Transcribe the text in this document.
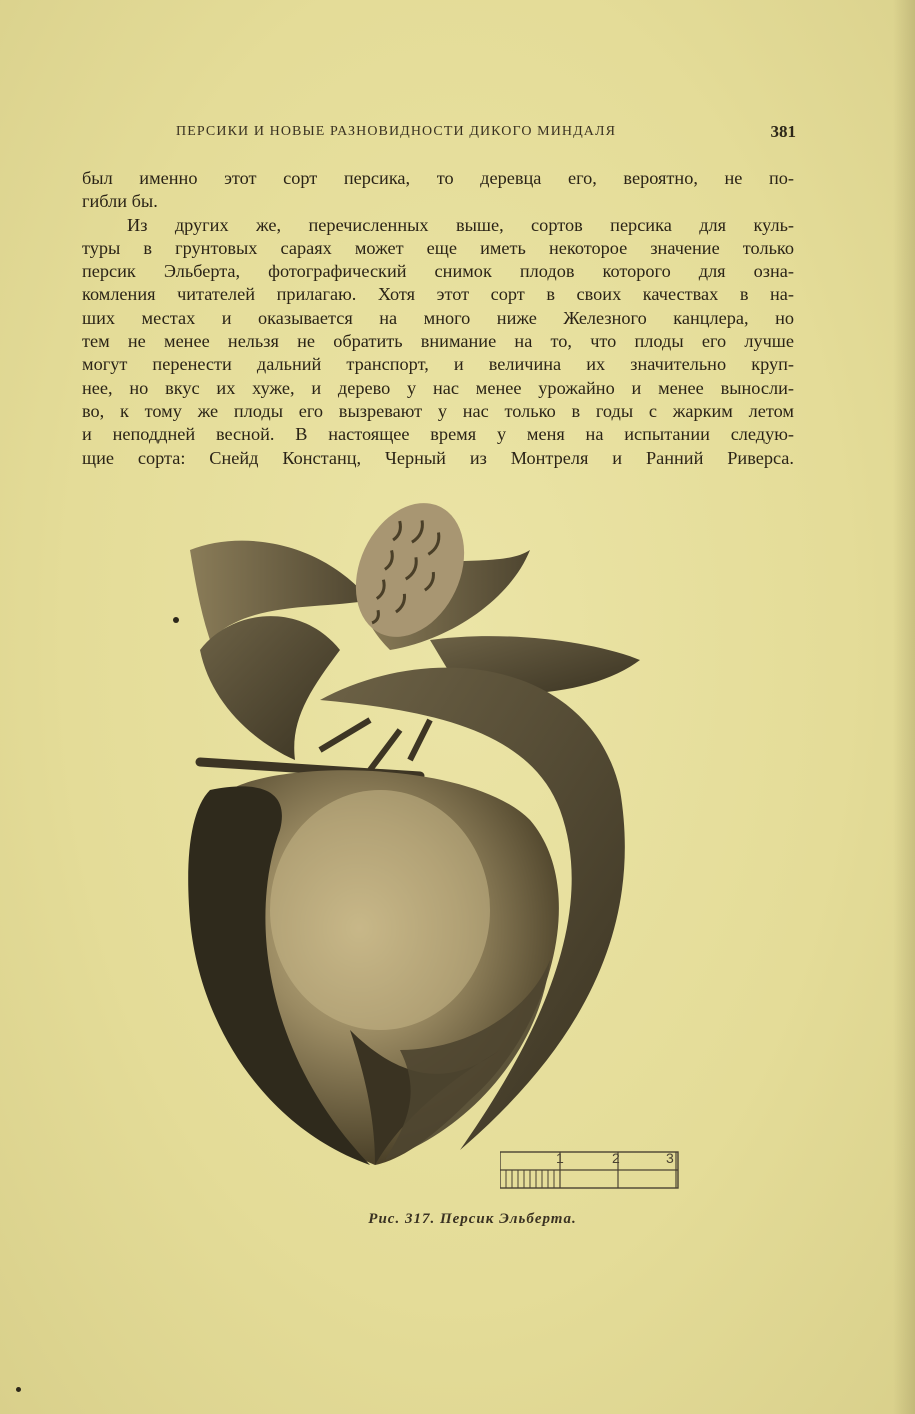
ПЕРСИКИ И НОВЫЕ РАЗНОВИДНОСТИ ДИКОГО МИНДАЛЯ	381

был именно этот сорт персика, то деревца его, вероятно, не по-

гибли бы.

Из других же, перечисленных выше, сортов персика для куль-

туры в грунтовых сараях может еще иметь некоторое значение только

персик Эльберта, фотографический снимок плодов которого для озна-

комления читателей прилагаю. Хотя этот сорт в своих качествах в на-

ших местах и оказывается на много ниже Железного канцлера, но

тем не менее нельзя не обратить внимание на то, что плоды его лучше

могут перенести дальний транспорт, и величина их значительно круп-

нее, но вкус их хуже, и дерево у нас менее урожайно и менее выносли-

во, к тому же плоды его вызревают у нас только в годы с жарким летом

и неподдней весной. В настоящее время у меня на испытании следую-

щие сорта: Снейд Констанц, Черный из Монтреля и Ранний Риверса.

1	2	3
Рис. 317. Персик Эльберта.
